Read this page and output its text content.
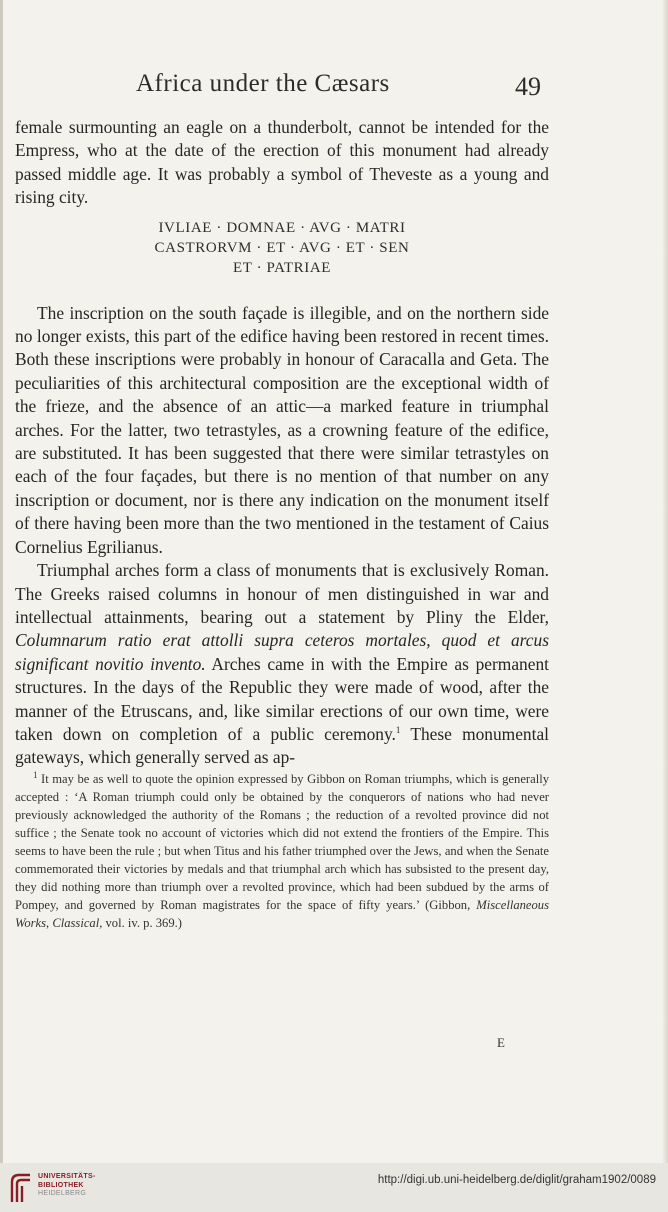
Africa under the Cæsars	49

female surmounting an eagle on a thunderbolt, cannot be intended for the Empress, who at the date of the erection of this monument had already passed middle age. It was probably a symbol of Theveste as a young and rising city.

IVLIAE · DOMNAE · AVG · MATRI
CASTRORVM · ET · AVG · ET · SEN
ET · PATRIAE

The inscription on the south façade is illegible, and on the northern side no longer exists, this part of the edifice having been restored in recent times. Both these inscriptions were probably in honour of Caracalla and Geta. The peculiarities of this architectural composition are the exceptional width of the frieze, and the absence of an attic—a marked feature in triumphal arches. For the latter, two tetrastyles, as a crowning feature of the edifice, are substituted. It has been suggested that there were similar tetrastyles on each of the four façades, but there is no mention of that number on any inscription or document, nor is there any indication on the monument itself of there having been more than the two mentioned in the testament of Caius Cornelius Egrilianus.

Triumphal arches form a class of monuments that is exclusively Roman. The Greeks raised columns in honour of men distinguished in war and intellectual attainments, bearing out a statement by Pliny the Elder, Columnarum ratio erat attolli supra ceteros mortales, quod et arcus significant novitio invento. Arches came in with the Empire as permanent structures. In the days of the Republic they were made of wood, after the manner of the Etruscans, and, like similar erections of our own time, were taken down on completion of a public ceremony.$^1$ These monumental gateways, which generally served as ap-

$^1$ It may be as well to quote the opinion expressed by Gibbon on Roman triumphs, which is generally accepted : ‘A Roman triumph could only be obtained by the conquerors of nations who had never previously acknowledged the authority of the Romans ; the reduction of a revolted province did not suffice ; the Senate took no account of victories which did not extend the frontiers of the Empire. This seems to have been the rule ; but when Titus and his father triumphed over the Jews, and when the Senate commemorated their victories by medals and that triumphal arch which has subsisted to the present day, they did nothing more than triumph over a revolted province, which had been subdued by the arms of Pompey, and governed by Roman magistrates for the space of fifty years.’ (Gibbon, Miscellaneous Works, Classical, vol. iv. p. 369.)

E
UNIVERSITÄTS-
BIBLIOTHEK
HEIDELBERG
http://digi.ub.uni-heidelberg.de/diglit/graham1902/0089
